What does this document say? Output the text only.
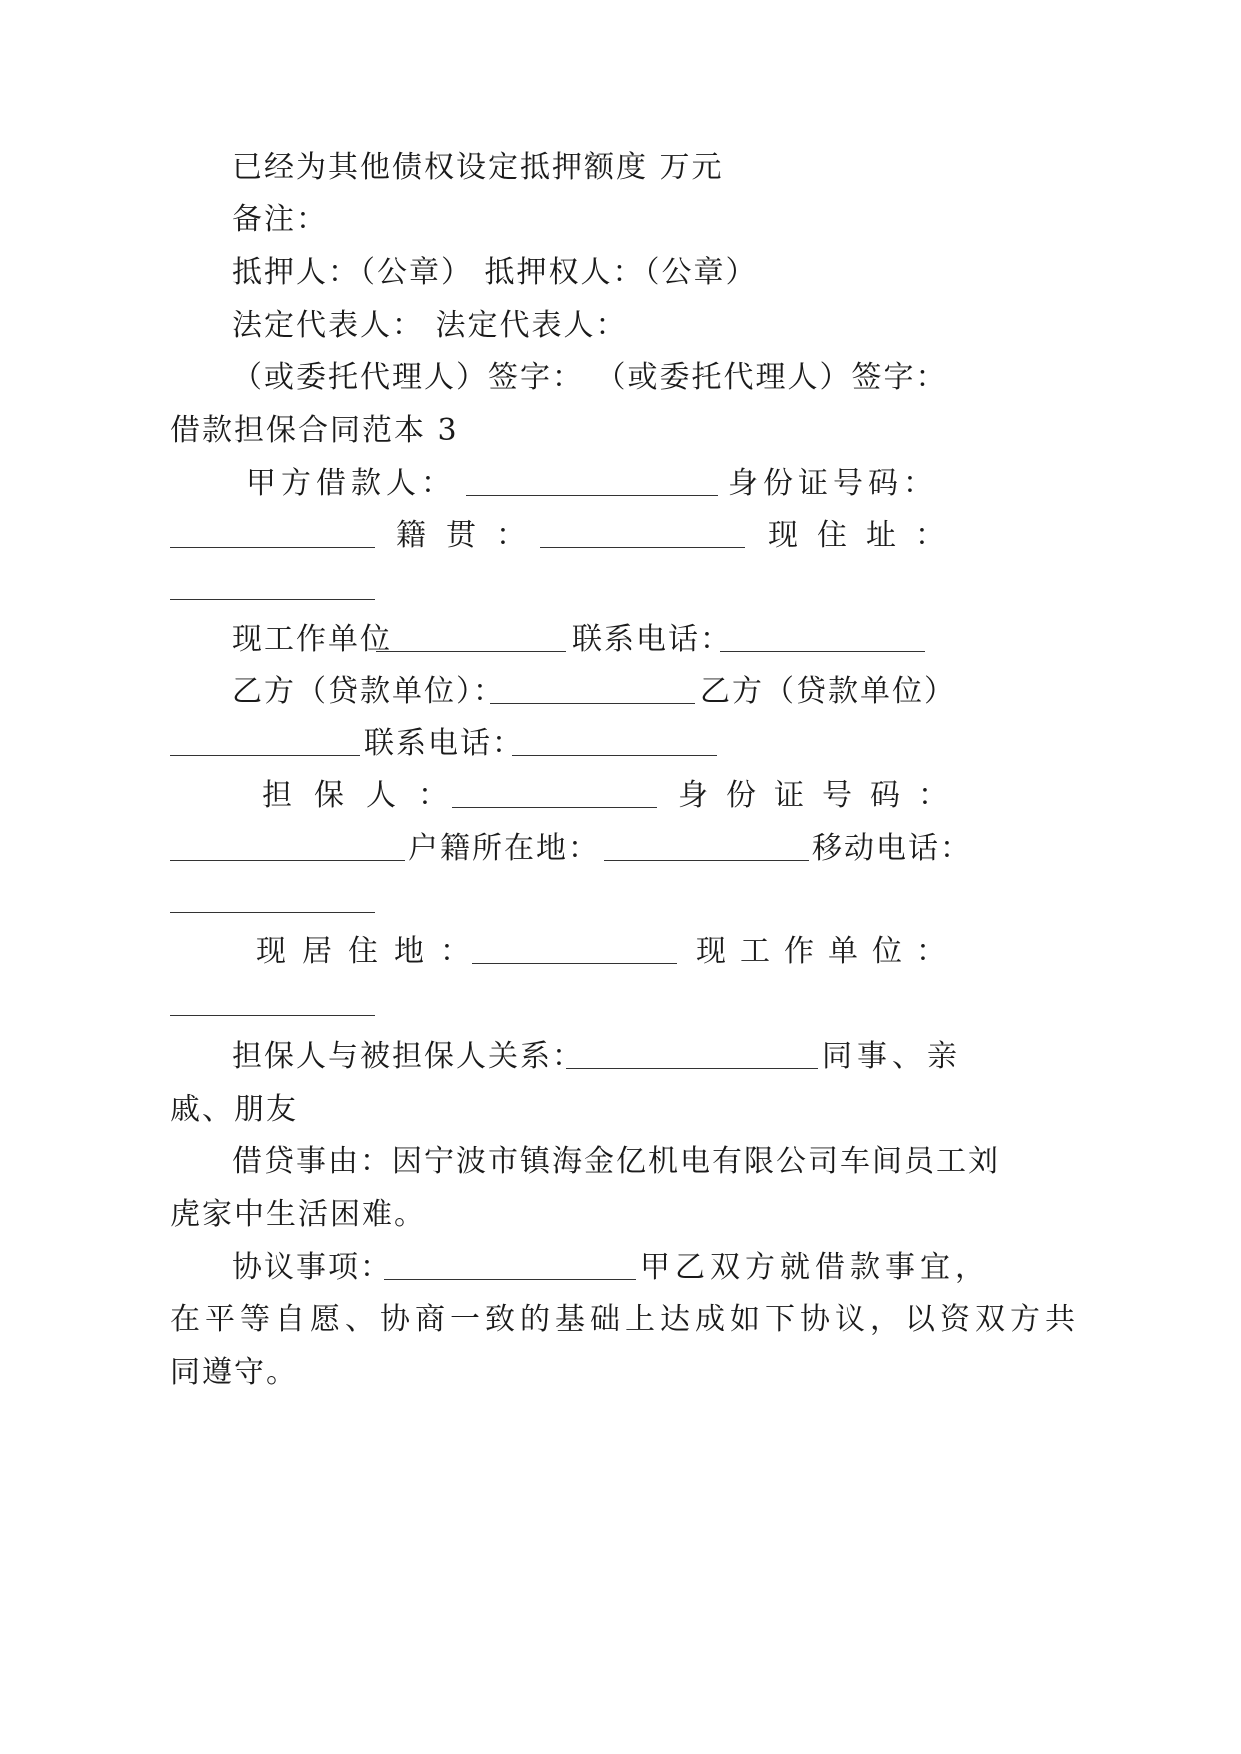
已经为其他债权设定抵押额度 万元
备注：
抵押人：（公章） 抵押权人：（公章）
法定代表人： 法定代表人：
（或委托代理人）签字： （或委托代理人）签字：
借款担保合同范本 3
甲方借款人：	身份证号码：
籍贯：	现住址：
现工作单位	联系电话：
乙方（贷款单位）：	乙方（贷款单位）
联系电话：
担保人：	身份证号码：
户籍所在地：	移动电话：
现居住地：	现工作单位：
担保人与被担保人关系：	同事、亲
戚、朋友
借贷事由：因宁波市镇海金亿机电有限公司车间员工刘
虎家中生活困难。
协议事项：	甲乙双方就借款事宜，
在平等自愿、协商一致的基础上达成如下协议，以资双方共
同遵守。
